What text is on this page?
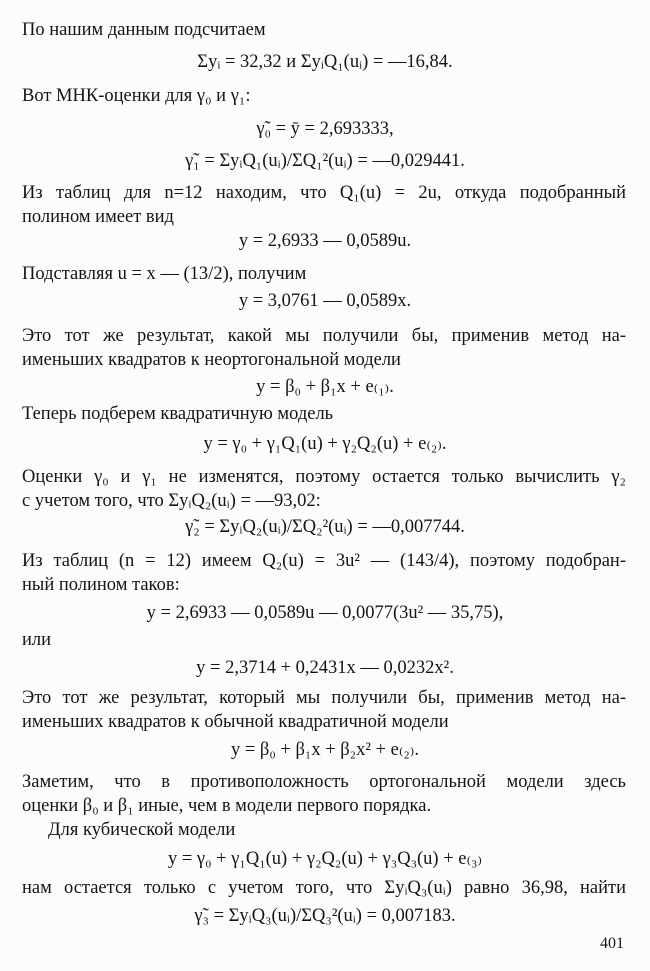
По нашим данным подсчитаем
Σyᵢ = 32,32 и ΣyᵢQ₁(uᵢ) = —16,84.
Вот МНК-оценки для γ₀ и γ₁:
γ̃₀ = ȳ = 2,693333,
γ̃₁ = ΣyᵢQ₁(uᵢ)/ΣQ₁²(uᵢ) = —0,029441.
Из таблиц для n=12 находим, что Q₁(u) = 2u, откуда подобранный
полином имеет вид
y = 2,6933 — 0,0589u.
Подставляя u = x — (13/2), получим
y = 3,0761 — 0,0589x.
Это тот же результат, какой мы получили бы, применив метод на-
именьших квадратов к неортогональной модели
y = β₀ + β₁x + e₍₁₎.
Теперь подберем квадратичную модель
y = γ₀ + γ₁Q₁(u) + γ₂Q₂(u) + e₍₂₎.
Оценки γ₀ и γ₁ не изменятся, поэтому остается только вычислить γ₂
с учетом того, что ΣyᵢQ₂(uᵢ) = —93,02:
γ̃₂ = ΣyᵢQ₂(uᵢ)/ΣQ₂²(uᵢ) = —0,007744.
Из таблиц (n = 12) имеем Q₂(u) = 3u² — (143/4), поэтому подобран-
ный полином таков:
y = 2,6933 — 0,0589u — 0,0077(3u² — 35,75),
или
y = 2,3714 + 0,2431x — 0,0232x².
Это тот же результат, который мы получили бы, применив метод на-
именьших квадратов к обычной квадратичной модели
y = β₀ + β₁x + β₂x² + e₍₂₎.
Заметим, что в противоположность ортогональной модели здесь
оценки β₀ и β₁ иные, чем в модели первого порядка.
Для кубической модели
y = γ₀ + γ₁Q₁(u) + γ₂Q₂(u) + γ₃Q₃(u) + e₍₃₎
нам остается только с учетом того, что ΣyᵢQ₃(uᵢ) равно 36,98, найти
γ̃₃ = ΣyᵢQ₃(uᵢ)/ΣQ₃²(uᵢ) = 0,007183.
401
